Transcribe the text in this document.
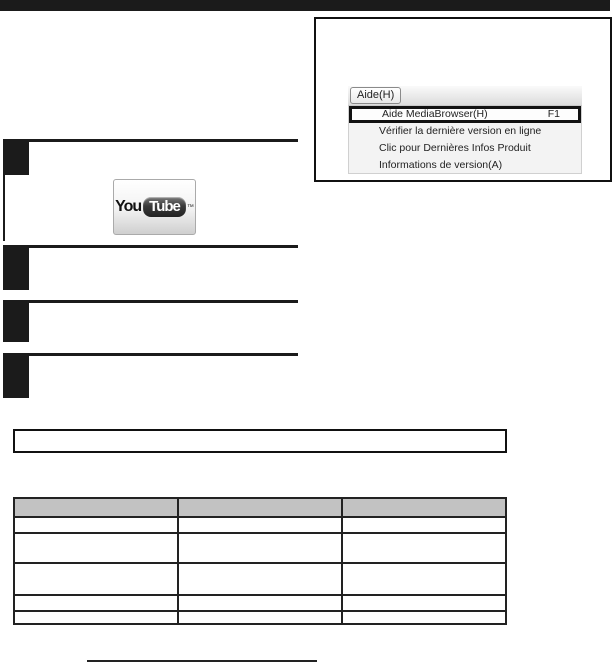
Aide(H)
Aide MediaBrowser(H)	F1
Vérifier la dernière version en ligne
Clic pour Dernières Infos Produit
Informations de version(A)
You Tube	™
